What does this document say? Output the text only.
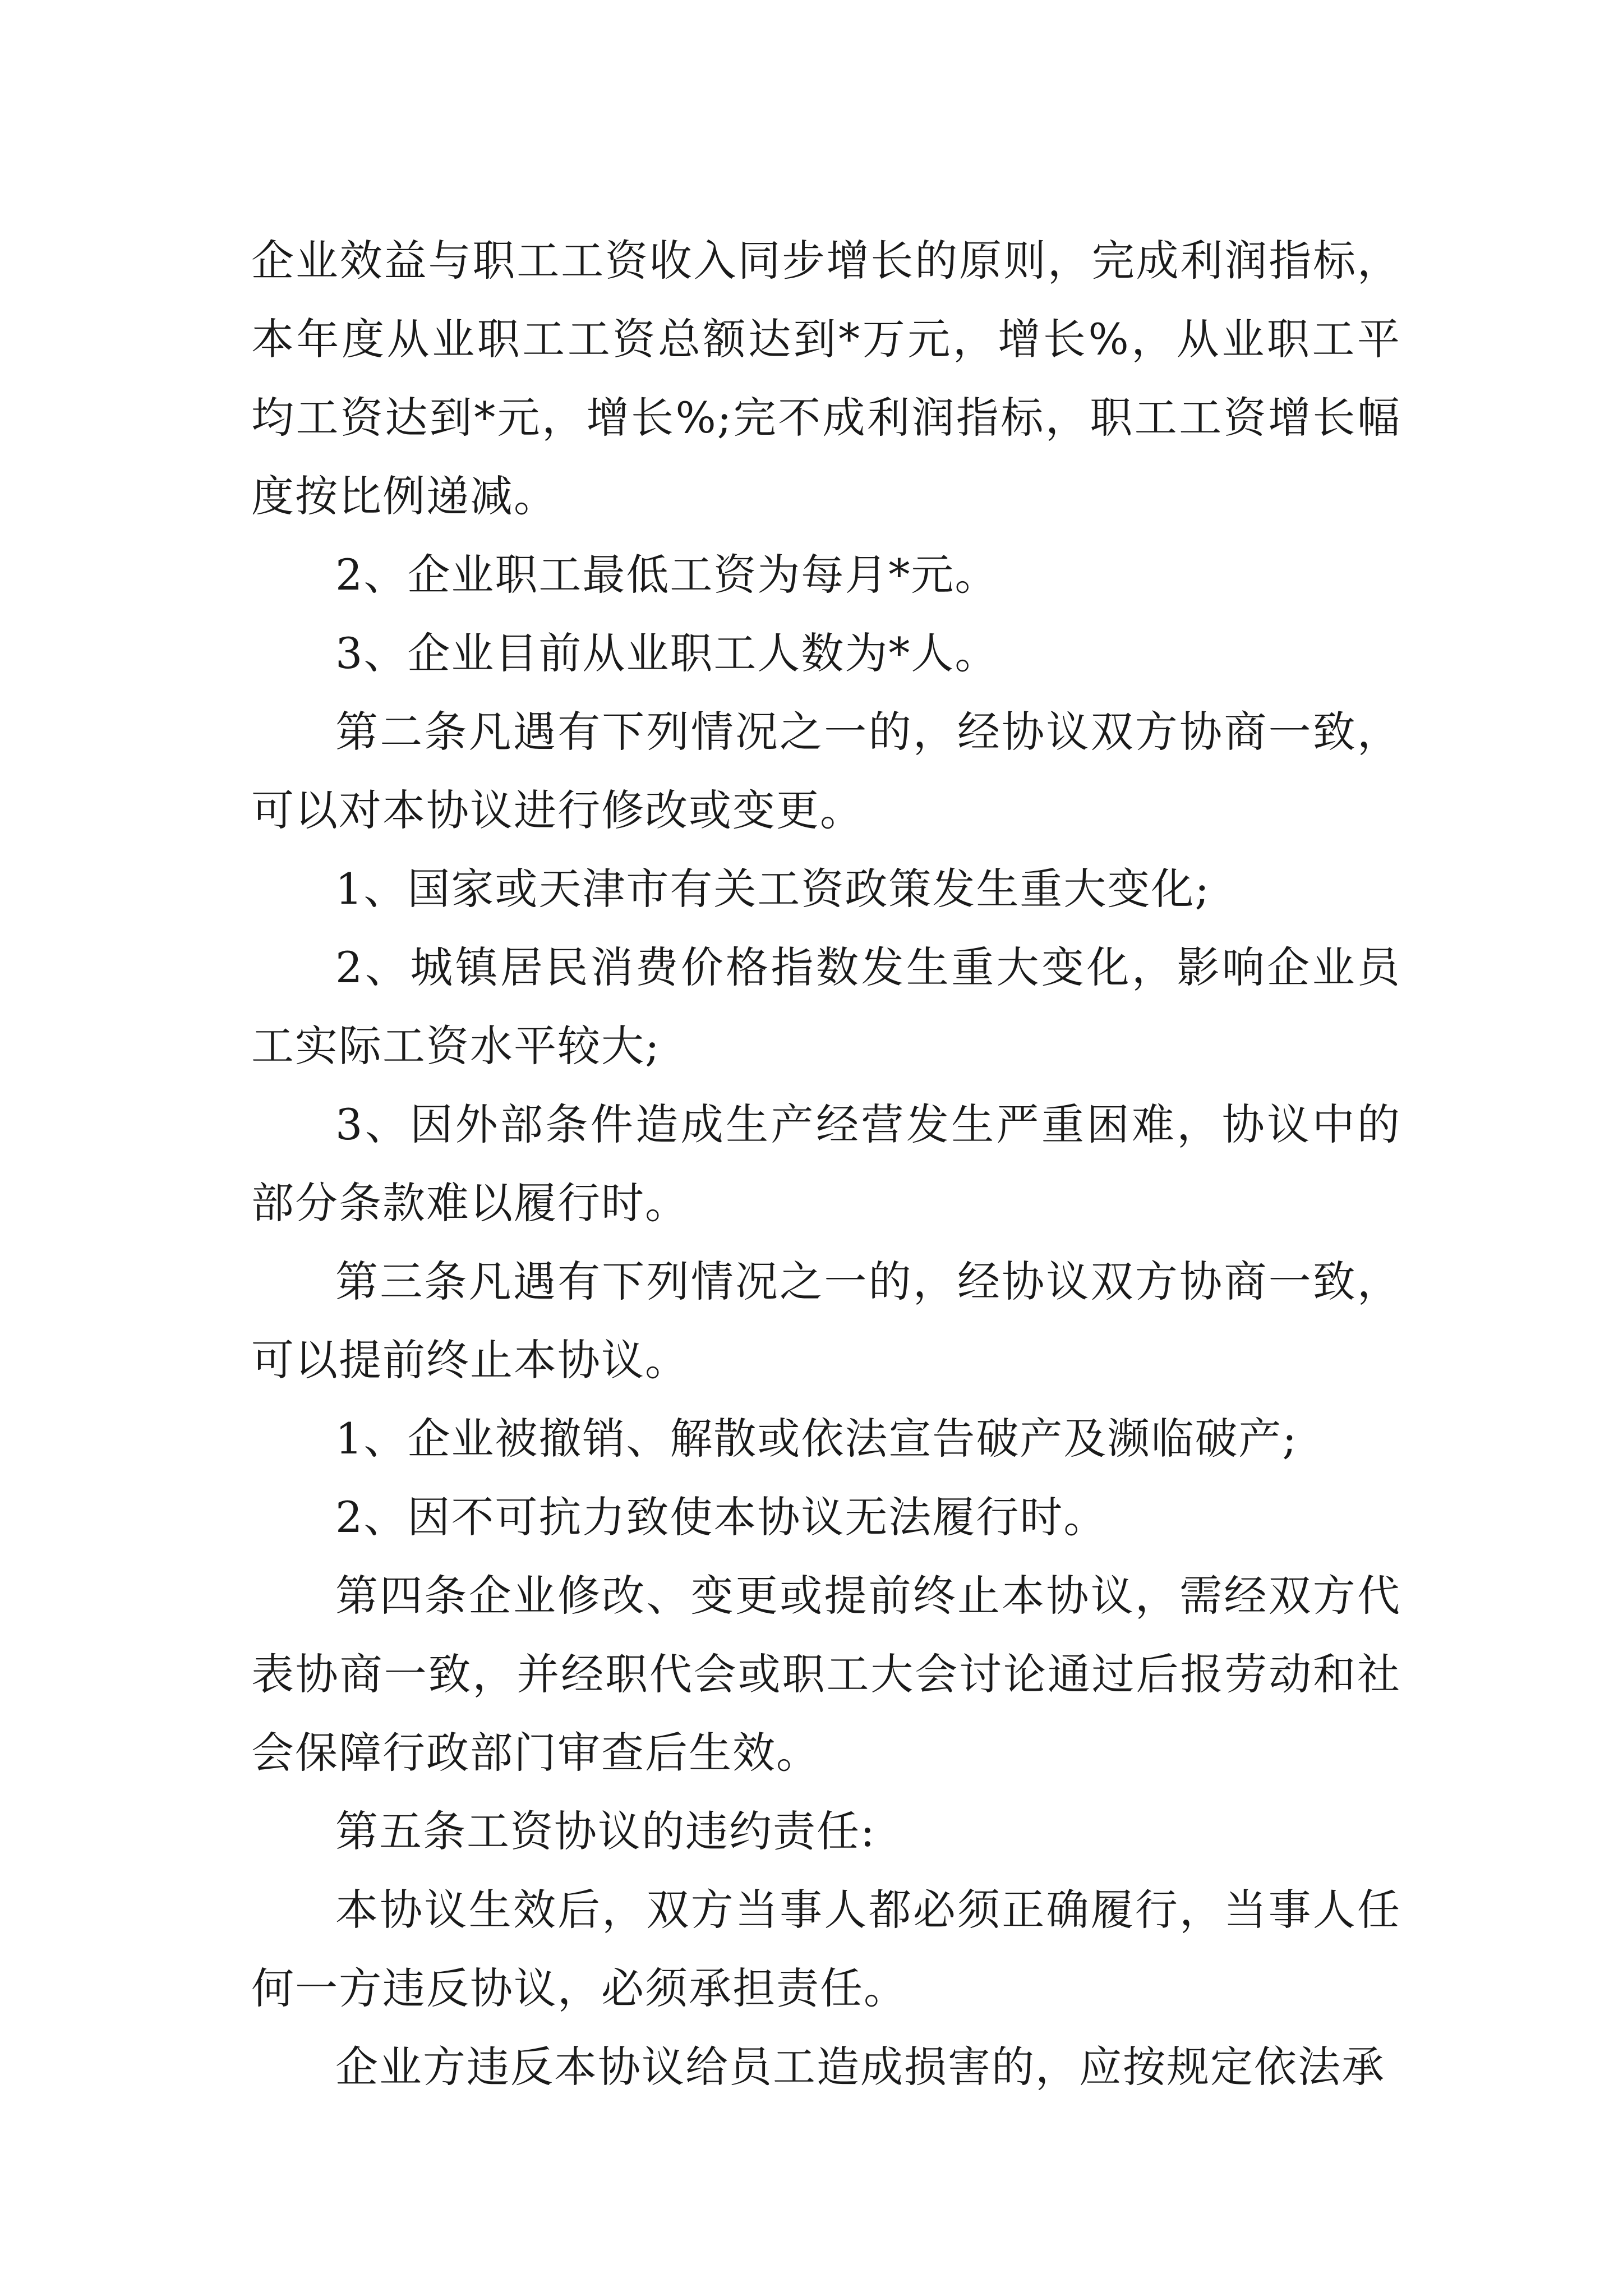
企业效益与职工工资收入同步增长的原则，完成利润指标，本年度从业职工工资总额达到*万元，增长%，从业职工平均工资达到*元，增长%;完不成利润指标，职工工资增长幅度按比例递减。

2、企业职工最低工资为每月*元。

3、企业目前从业职工人数为*人。

第二条凡遇有下列情况之一的，经协议双方协商一致，可以对本协议进行修改或变更。

1、国家或天津市有关工资政策发生重大变化;

2、城镇居民消费价格指数发生重大变化，影响企业员工实际工资水平较大;

3、因外部条件造成生产经营发生严重困难，协议中的部分条款难以履行时。

第三条凡遇有下列情况之一的，经协议双方协商一致，可以提前终止本协议。

1、企业被撤销、解散或依法宣告破产及濒临破产;

2、因不可抗力致使本协议无法履行时。

第四条企业修改、变更或提前终止本协议，需经双方代表协商一致，并经职代会或职工大会讨论通过后报劳动和社会保障行政部门审查后生效。

第五条工资协议的违约责任:

本协议生效后，双方当事人都必须正确履行，当事人任何一方违反协议，必须承担责任。

企业方违反本协议给员工造成损害的，应按规定依法承
